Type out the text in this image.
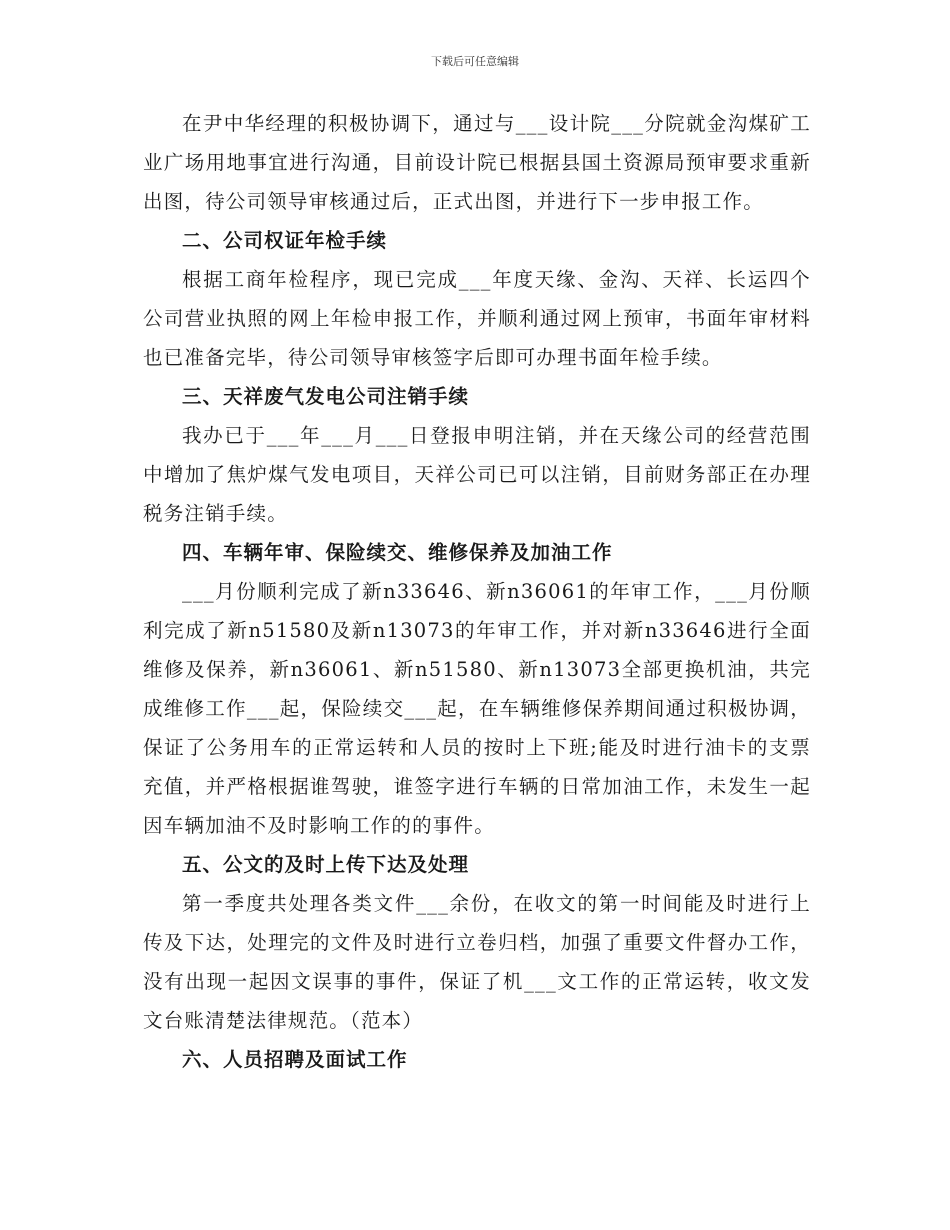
下载后可任意编辑

在尹中华经理的积极协调下，通过与___设计院___分院就金沟煤矿工业广场用地事宜进行沟通，目前设计院已根据县国土资源局预审要求重新出图，待公司领导审核通过后，正式出图，并进行下一步申报工作。

二、公司权证年检手续

根据工商年检程序，现已完成___年度天缘、金沟、天祥、长运四个公司营业执照的网上年检申报工作，并顺利通过网上预审，书面年审材料也已准备完毕，待公司领导审核签字后即可办理书面年检手续。

三、天祥废气发电公司注销手续

我办已于___年___月___日登报申明注销，并在天缘公司的经营范围中增加了焦炉煤气发电项目，天祥公司已可以注销，目前财务部正在办理税务注销手续。

四、车辆年审、保险续交、维修保养及加油工作

___月份顺利完成了新n33646、新n36061的年审工作，___月份顺利完成了新n51580及新n13073的年审工作，并对新n33646进行全面维修及保养，新n36061、新n51580、新n13073全部更换机油，共完成维修工作___起，保险续交___起，在车辆维修保养期间通过积极协调，保证了公务用车的正常运转和人员的按时上下班;能及时进行油卡的支票充值，并严格根据谁驾驶，谁签字进行车辆的日常加油工作，未发生一起因车辆加油不及时影响工作的的事件。

五、公文的及时上传下达及处理

第一季度共处理各类文件___余份，在收文的第一时间能及时进行上传及下达，处理完的文件及时进行立卷归档，加强了重要文件督办工作，没有出现一起因文误事的事件，保证了机___文工作的正常运转，收文发文台账清楚法律规范。（范本）

六、人员招聘及面试工作
